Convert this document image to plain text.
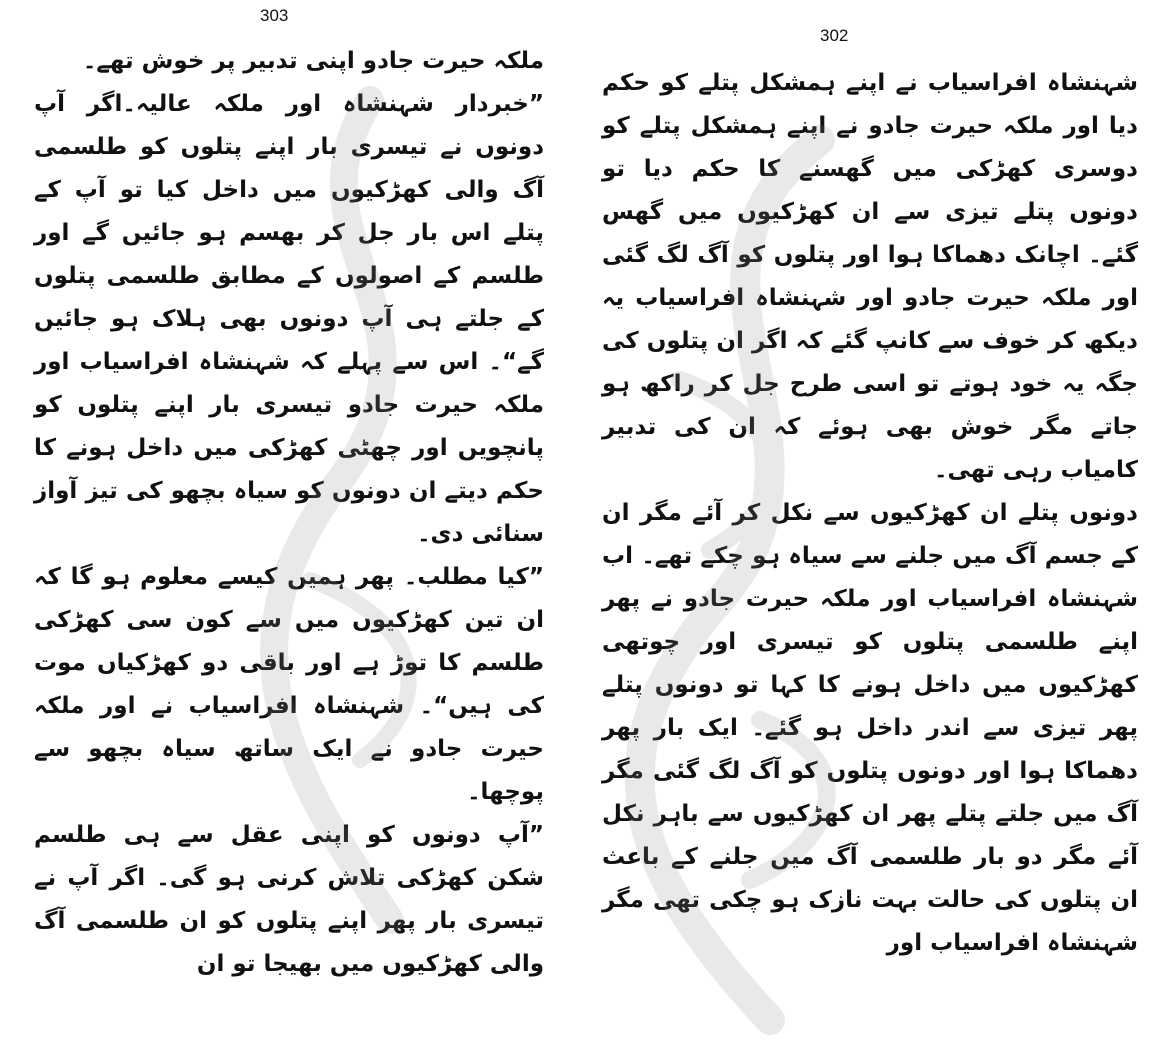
303

ملکہ حیرت جادو اپنی تدبیر پر خوش تھے۔

”خبردار شہنشاہ اور ملکہ عالیہ۔اگر آپ دونوں نے تیسری بار اپنے پتلوں کو طلسمی آگ والی کھڑکیوں میں داخل کیا تو آپ کے پتلے اس بار جل کر بھسم ہو جائیں گے اور طلسم کے اصولوں کے مطابق طلسمی پتلوں کے جلتے ہی آپ دونوں بھی ہلاک ہو جائیں گے“۔ اس سے پہلے کہ شہنشاہ افراسیاب اور ملکہ حیرت جادو تیسری بار اپنے پتلوں کو پانچویں اور چھٹی کھڑکی میں داخل ہونے کا حکم دیتے ان دونوں کو سیاہ بچھو کی تیز آواز سنائی دی۔

”کیا مطلب۔ پھر ہمیں کیسے معلوم ہو گا کہ ان تین کھڑکیوں میں سے کون سی کھڑکی طلسم کا توڑ ہے اور باقی دو کھڑکیاں موت کی ہیں“۔ شہنشاہ افراسیاب نے اور ملکہ حیرت جادو نے ایک ساتھ سیاہ بچھو سے پوچھا۔

”آپ دونوں کو اپنی عقل سے ہی طلسم شکن کھڑکی تلاش کرنی ہو گی۔ اگر آپ نے تیسری بار پھر اپنے پتلوں کو ان طلسمی آگ والی کھڑکیوں میں بھیجا تو ان

302

شہنشاہ افراسیاب نے اپنے ہمشکل پتلے کو حکم دیا اور ملکہ حیرت جادو نے اپنے ہمشکل پتلے کو دوسری کھڑکی میں گھسنے کا حکم دیا تو دونوں پتلے تیزی سے ان کھڑکیوں میں گھس گئے۔ اچانک دھماکا ہوا اور پتلوں کو آگ لگ گئی اور ملکہ حیرت جادو اور شہنشاہ افراسیاب یہ دیکھ کر خوف سے کانپ گئے کہ اگر ان پتلوں کی جگہ یہ خود ہوتے تو اسی طرح جل کر راکھ ہو جاتے مگر خوش بھی ہوئے کہ ان کی تدبیر کامیاب رہی تھی۔

دونوں پتلے ان کھڑکیوں سے نکل کر آئے مگر ان کے جسم آگ میں جلنے سے سیاہ ہو چکے تھے۔ اب شہنشاہ افراسیاب اور ملکہ حیرت جادو نے پھر اپنے طلسمی پتلوں کو تیسری اور چوتھی کھڑکیوں میں داخل ہونے کا کہا تو دونوں پتلے پھر تیزی سے اندر داخل ہو گئے۔ ایک بار پھر دھماکا ہوا اور دونوں پتلوں کو آگ لگ گئی مگر آگ میں جلتے پتلے پھر ان کھڑکیوں سے باہر نکل آئے مگر دو بار طلسمی آگ میں جلنے کے باعث ان پتلوں کی حالت بہت نازک ہو چکی تھی مگر شہنشاہ افراسیاب اور
